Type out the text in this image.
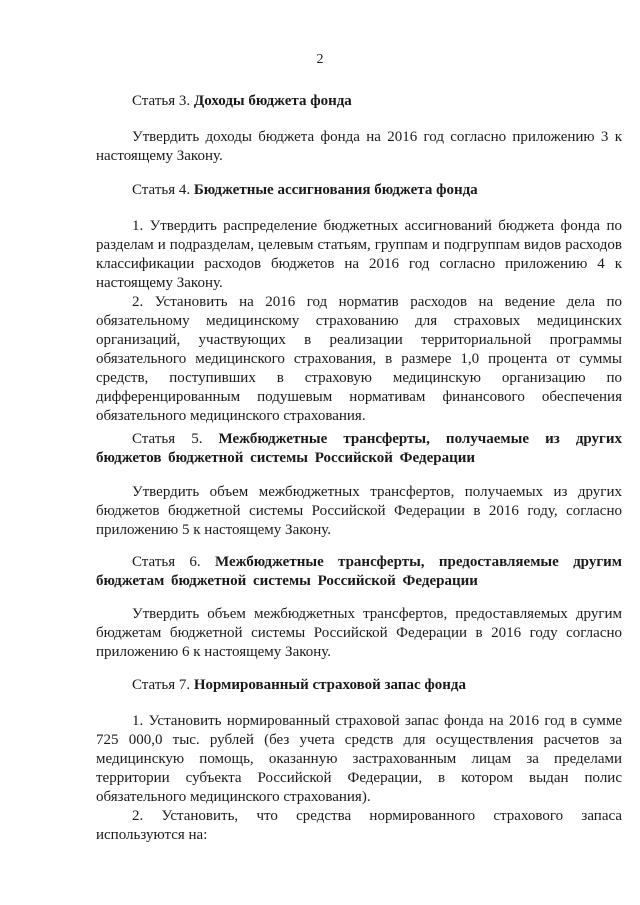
2

Статья 3. Доходы бюджета фонда

Утвердить доходы бюджета фонда на 2016 год согласно приложению 3 к настоящему Закону.

Статья 4. Бюджетные ассигнования бюджета фонда

1. Утвердить распределение бюджетных ассигнований бюджета фонда по разделам и подразделам, целевым статьям, группам и подгруппам видов расходов классификации расходов бюджетов на 2016 год согласно приложению 4 к настоящему Закону.

2. Установить на 2016 год норматив расходов на ведение дела по обязательному медицинскому страхованию для страховых медицинских организаций, участвующих в реализации территориальной программы обязательного медицинского страхования, в размере 1,0 процента от суммы средств, поступивших в страховую медицинскую организацию по дифференцированным подушевым нормативам финансового обеспечения обязательного медицинского страхования.

Статья 5. Межбюджетные трансферты, получаемые из других бюджетов бюджетной системы Российской Федерации

Утвердить объем межбюджетных трансфертов, получаемых из других бюджетов бюджетной системы Российской Федерации в 2016 году, согласно приложению 5 к настоящему Закону.

Статья 6. Межбюджетные трансферты, предоставляемые другим бюджетам бюджетной системы Российской Федерации

Утвердить объем межбюджетных трансфертов, предоставляемых другим бюджетам бюджетной системы Российской Федерации в 2016 году согласно приложению 6 к настоящему Закону.

Статья 7. Нормированный страховой запас фонда

1. Установить нормированный страховой запас фонда на 2016 год в сумме 725 000,0 тыс. рублей (без учета средств для осуществления расчетов за медицинскую помощь, оказанную застрахованным лицам за пределами территории субъекта Российской Федерации, в котором выдан полис обязательного медицинского страхования).

2. Установить, что средства нормированного страхового запаса используются на:
